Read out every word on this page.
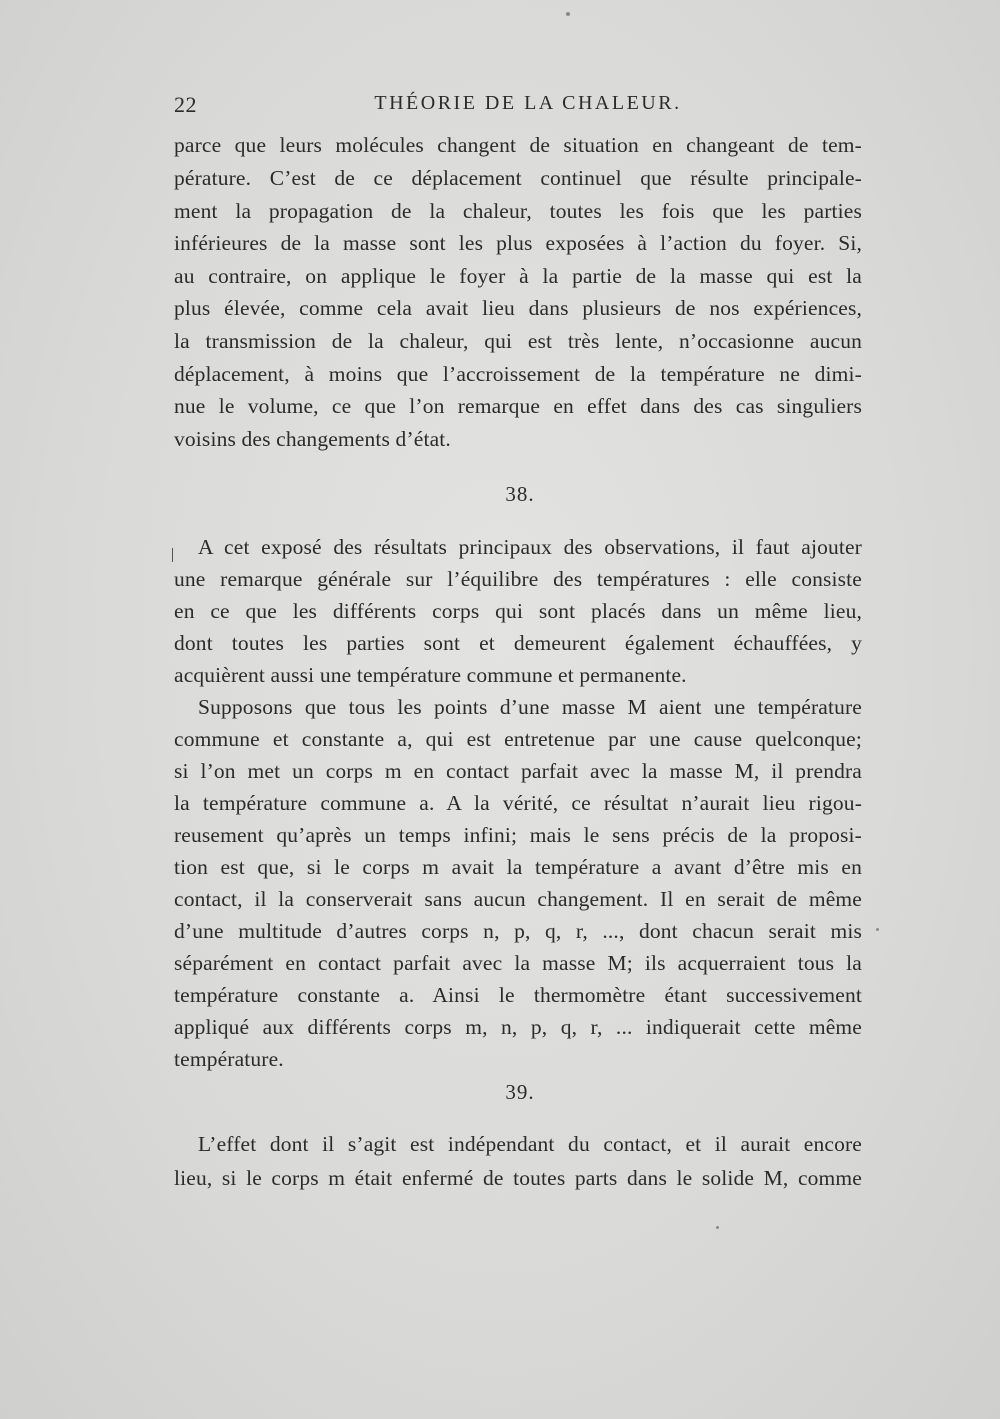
22	THÉORIE DE LA CHALEUR.
parce que leurs molécules changent de situation en changeant de tem-
pérature. C’est de ce déplacement continuel que résulte principale-
ment la propagation de la chaleur, toutes les fois que les parties
inférieures de la masse sont les plus exposées à l’action du foyer. Si,
au contraire, on applique le foyer à la partie de la masse qui est la
plus élevée, comme cela avait lieu dans plusieurs de nos expériences,
la transmission de la chaleur, qui est très lente, n’occasionne aucun
déplacement, à moins que l’accroissement de la température ne dimi-
nue le volume, ce que l’on remarque en effet dans des cas singuliers
voisins des changements d’état.
38.
A cet exposé des résultats principaux des observations, il faut ajouter
une remarque générale sur l’équilibre des températures : elle consiste
en ce que les différents corps qui sont placés dans un même lieu,
dont toutes les parties sont et demeurent également échauffées, y
acquièrent aussi une température commune et permanente.
Supposons que tous les points d’une masse M aient une température
commune et constante a, qui est entretenue par une cause quelconque;
si l’on met un corps m en contact parfait avec la masse M, il prendra
la température commune a. A la vérité, ce résultat n’aurait lieu rigou-
reusement qu’après un temps infini; mais le sens précis de la proposi-
tion est que, si le corps m avait la température a avant d’être mis en
contact, il la conserverait sans aucun changement. Il en serait de même
d’une multitude d’autres corps n, p, q, r, ..., dont chacun serait mis
séparément en contact parfait avec la masse M; ils acquerraient tous la
température constante a. Ainsi le thermomètre étant successivement
appliqué aux différents corps m, n, p, q, r, ... indiquerait cette même
température.
39.
L’effet dont il s’agit est indépendant du contact, et il aurait encore
lieu, si le corps m était enfermé de toutes parts dans le solide M, comme
